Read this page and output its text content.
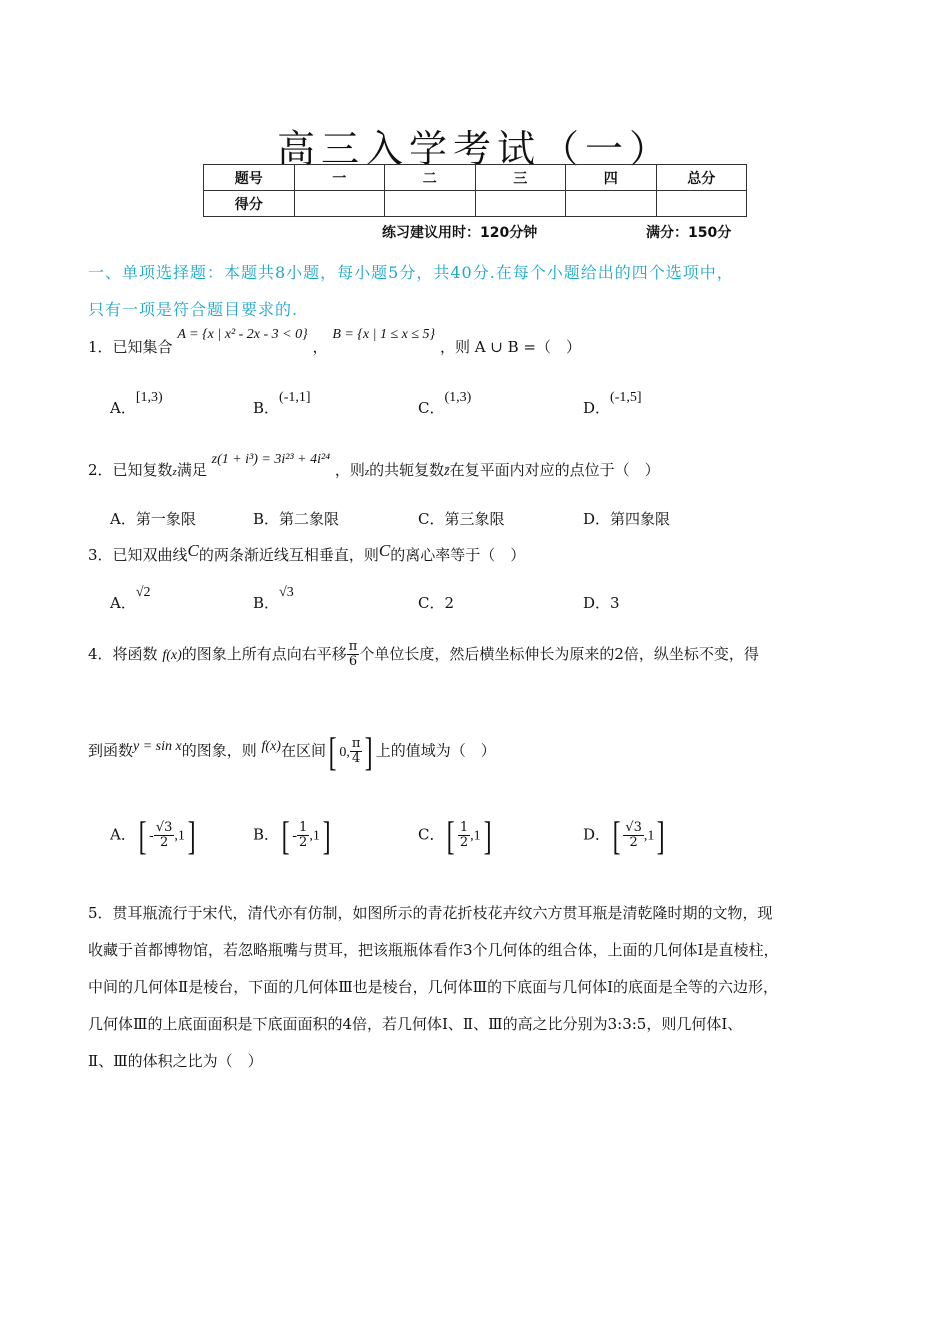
高三入学考试（一）
题号	一	二	三	四	总分
得分					
练习建议用时：120分钟	满分：150分
一、单项选择题：本题共8小题，每小题5分，共40分.在每个小题给出的四个选项中，
只有一项是符合题目要求的.
1．已知集合 A = {x | x² - 2x - 3 < 0} ， B = {x | 1 ≤ x ≤ 5} ，则 A ∪ B =（　）
A．[1,3)
B．(-1,1]
C．(1,3)
D．(-1,5]
2．已知复数z满足 z(1 + i³) = 3i²³ + 4i²⁴ ，则z的共轭复数z̄在复平面内对应的点位于（　）
A．第一象限	B．第二象限	C．第三象限	D．第四象限
3．已知双曲线C的两条渐近线互相垂直，则C的离心率等于（　）
A．√2
B．√3
C．2	D．3
4．将函数 f(x)的图象上所有点向右平移 $\frac{\pi}{6}$ 个单位长度，然后横坐标伸长为原来的2倍，纵坐标不变，得
到函数y = sin x的图象，则 f(x)在区间[ 0, $\frac{\pi}{4}$ ] 上的值域为（　）
A．[ - $\frac{√3}{2} ,1$]	B．[ - $\frac{1}{2} ,1$]	C．[ $\frac{1}{2} ,1$]	D．[ $\frac{√3}{2} ,1$]
5．贯耳瓶流行于宋代，清代亦有仿制，如图所示的青花折枝花卉纹六方贯耳瓶是清乾隆时期的文物，现
收藏于首都博物馆，若忽略瓶嘴与贯耳，把该瓶瓶体看作3个几何体的组合体，上面的几何体Ⅰ是直棱柱，
中间的几何体Ⅱ是棱台，下面的几何体Ⅲ也是棱台，几何体Ⅲ的下底面与几何体Ⅰ的底面是全等的六边形，
几何体Ⅲ的上底面面积是下底面面积的4倍，若几何体Ⅰ、Ⅱ、Ⅲ的高之比分别为3:3:5，则几何体Ⅰ、
Ⅱ、Ⅲ的体积之比为（　）
